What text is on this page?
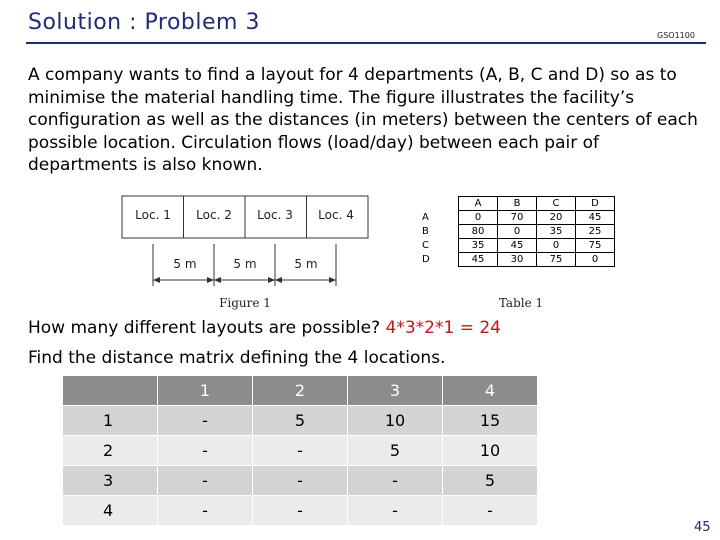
Solution : Problem 3
GSO1100
A company wants to find a layout for 4 departments (A, B, C and D) so as to minimise the material handling time. The figure illustrates the facility’s configuration as well as the distances (in meters) between the centers of each possible location. Circulation flows (load/day) between each pair of departments is also known.
Loc. 1 Loc. 2 Loc. 3 Loc. 4
5 m	5 m	5 m
Figure 1	Table 1
	A	B	C	D
A	0	70	20	45
B	80	0	35	25
C	35	45	0	75
D	45	30	75	0
How many different layouts are possible? 4*3*2*1 = 24
Find the distance matrix defining the 4 locations.
	1	2	3	4
1	-	5	10	15
2	-	-	5	10
3	-	-	-	5
4	-	-	-	-
45
